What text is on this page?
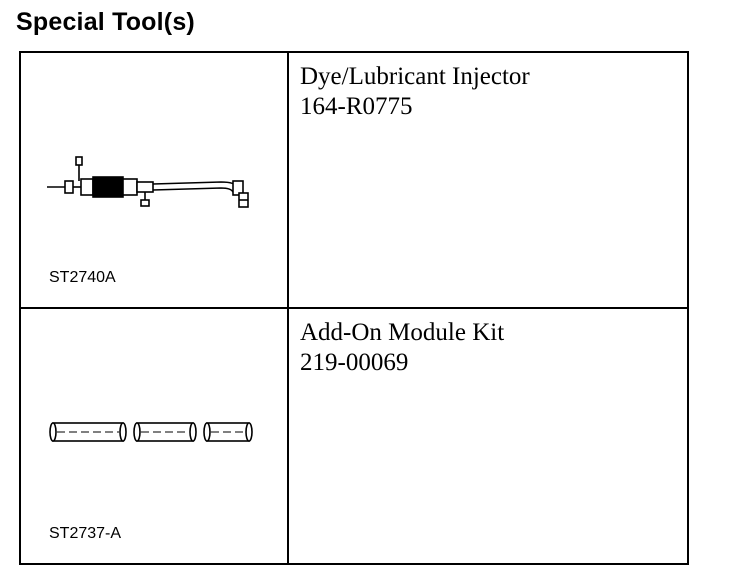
Special Tool(s)
ST2740A	Dye/Lubricant Injector
164-R0775

ST2737-A	Add-On Module Kit
219-00069
